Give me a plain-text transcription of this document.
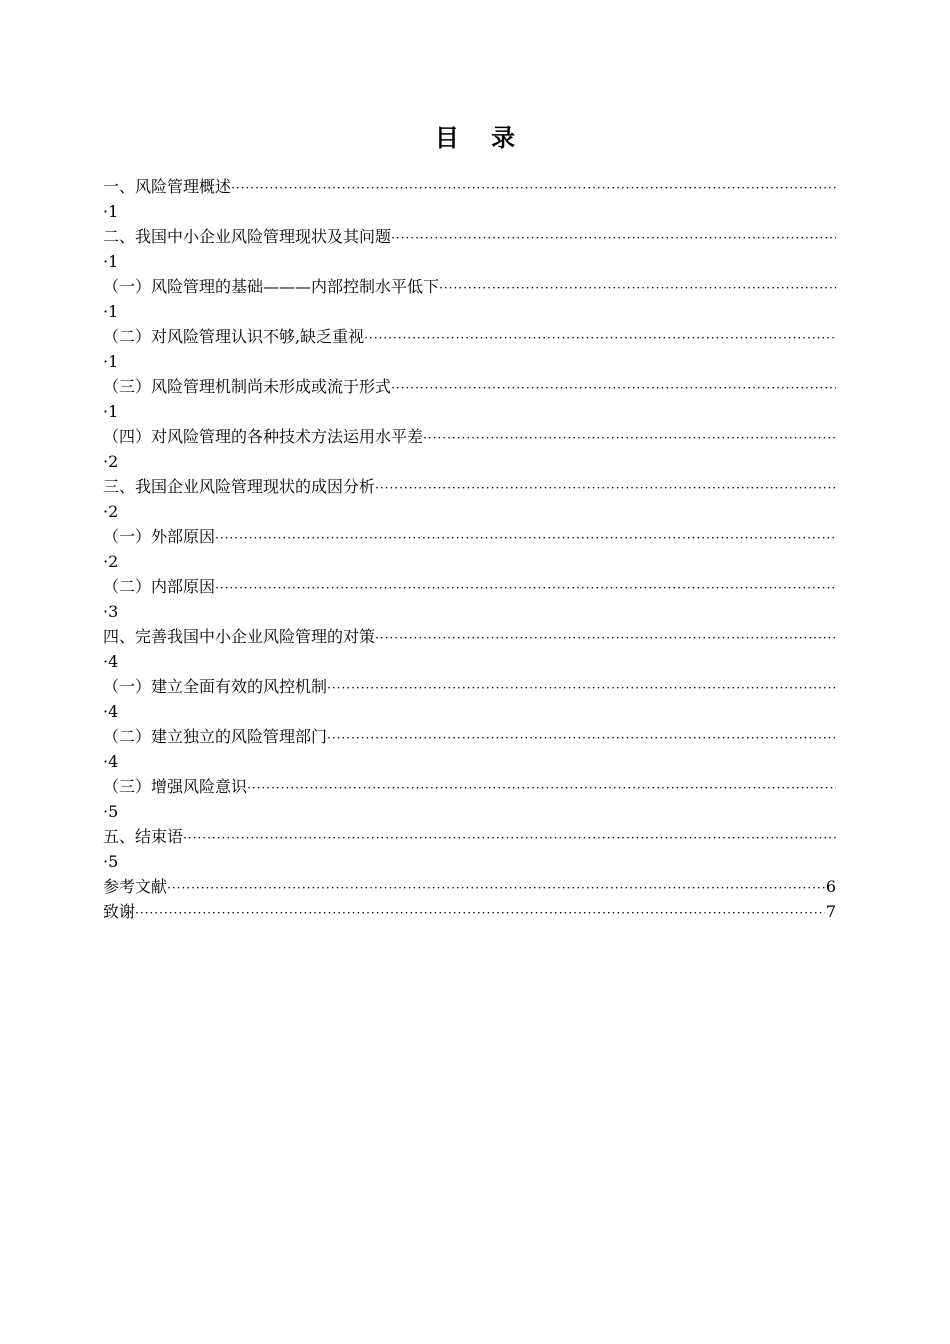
目 录
一、风险管理概述
·····
·1
二、我国中小企业风险管理现状及其问题
·····
·1
（一）风险管理的基础———内部控制水平低下
·····
·1
（二）对风险管理认识不够,缺乏重视
·····
·1
（三）风险管理机制尚未形成或流于形式
·····
·1
（四）对风险管理的各种技术方法运用水平差
·····
·2
三、我国企业风险管理现状的成因分析
·····
·2
（一）外部原因
·····
·2
（二）内部原因
·····
·3
四、完善我国中小企业风险管理的对策
·····
·4
（一）建立全面有效的风控机制
·····
·4
（二）建立独立的风险管理部门
·····
·4
（三）增强风险意识
·····
·5
五、结束语
·····
·5
参考文献 ·····	6
致谢 ·····	7
